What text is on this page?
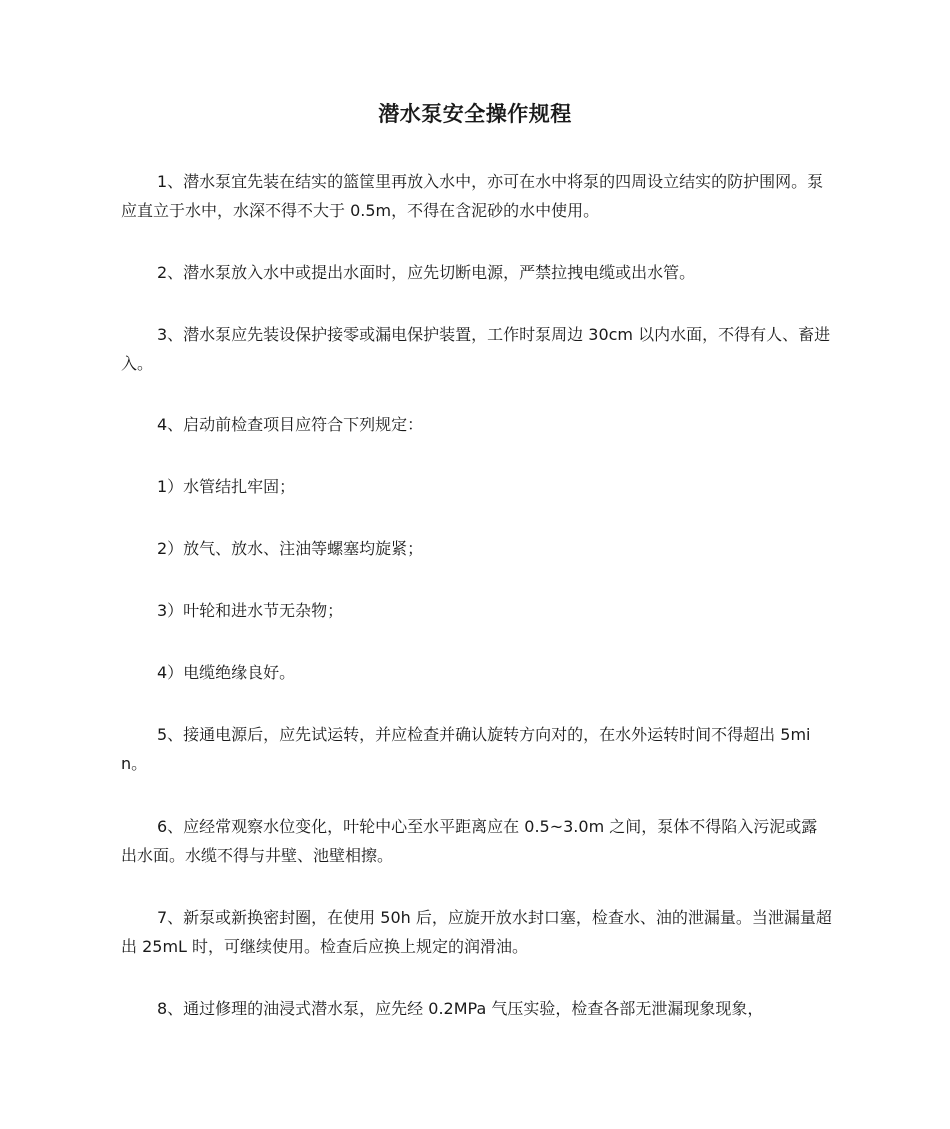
潜水泵安全操作规程

1、潜水泵宜先装在结实的篮筐里再放入水中，亦可在水中将泵的四周设立结实的防护围网。泵应直立于水中，水深不得不大于 0.5m，不得在含泥砂的水中使用。

2、潜水泵放入水中或提出水面时，应先切断电源，严禁拉拽电缆或出水管。

3、潜水泵应先装设保护接零或漏电保护装置，工作时泵周边 30cm 以内水面，不得有人、畜进入。

4、启动前检查项目应符合下列规定：

1）水管结扎牢固；

2）放气、放水、注油等螺塞均旋紧；

3）叶轮和进水节无杂物；

4）电缆绝缘良好。

5、接通电源后，应先试运转，并应检查并确认旋转方向对的，在水外运转时间不得超出 5min。

6、应经常观察水位变化，叶轮中心至水平距离应在 0.5~3.0m 之间，泵体不得陷入污泥或露出水面。水缆不得与井壁、池壁相擦。

7、新泵或新换密封圈，在使用 50h 后，应旋开放水封口塞，检查水、油的泄漏量。当泄漏量超出 25mL 时，可继续使用。检查后应换上规定的润滑油。

8、通过修理的油浸式潜水泵，应先经 0.2MPa 气压实验，检查各部无泄漏现象现象，
